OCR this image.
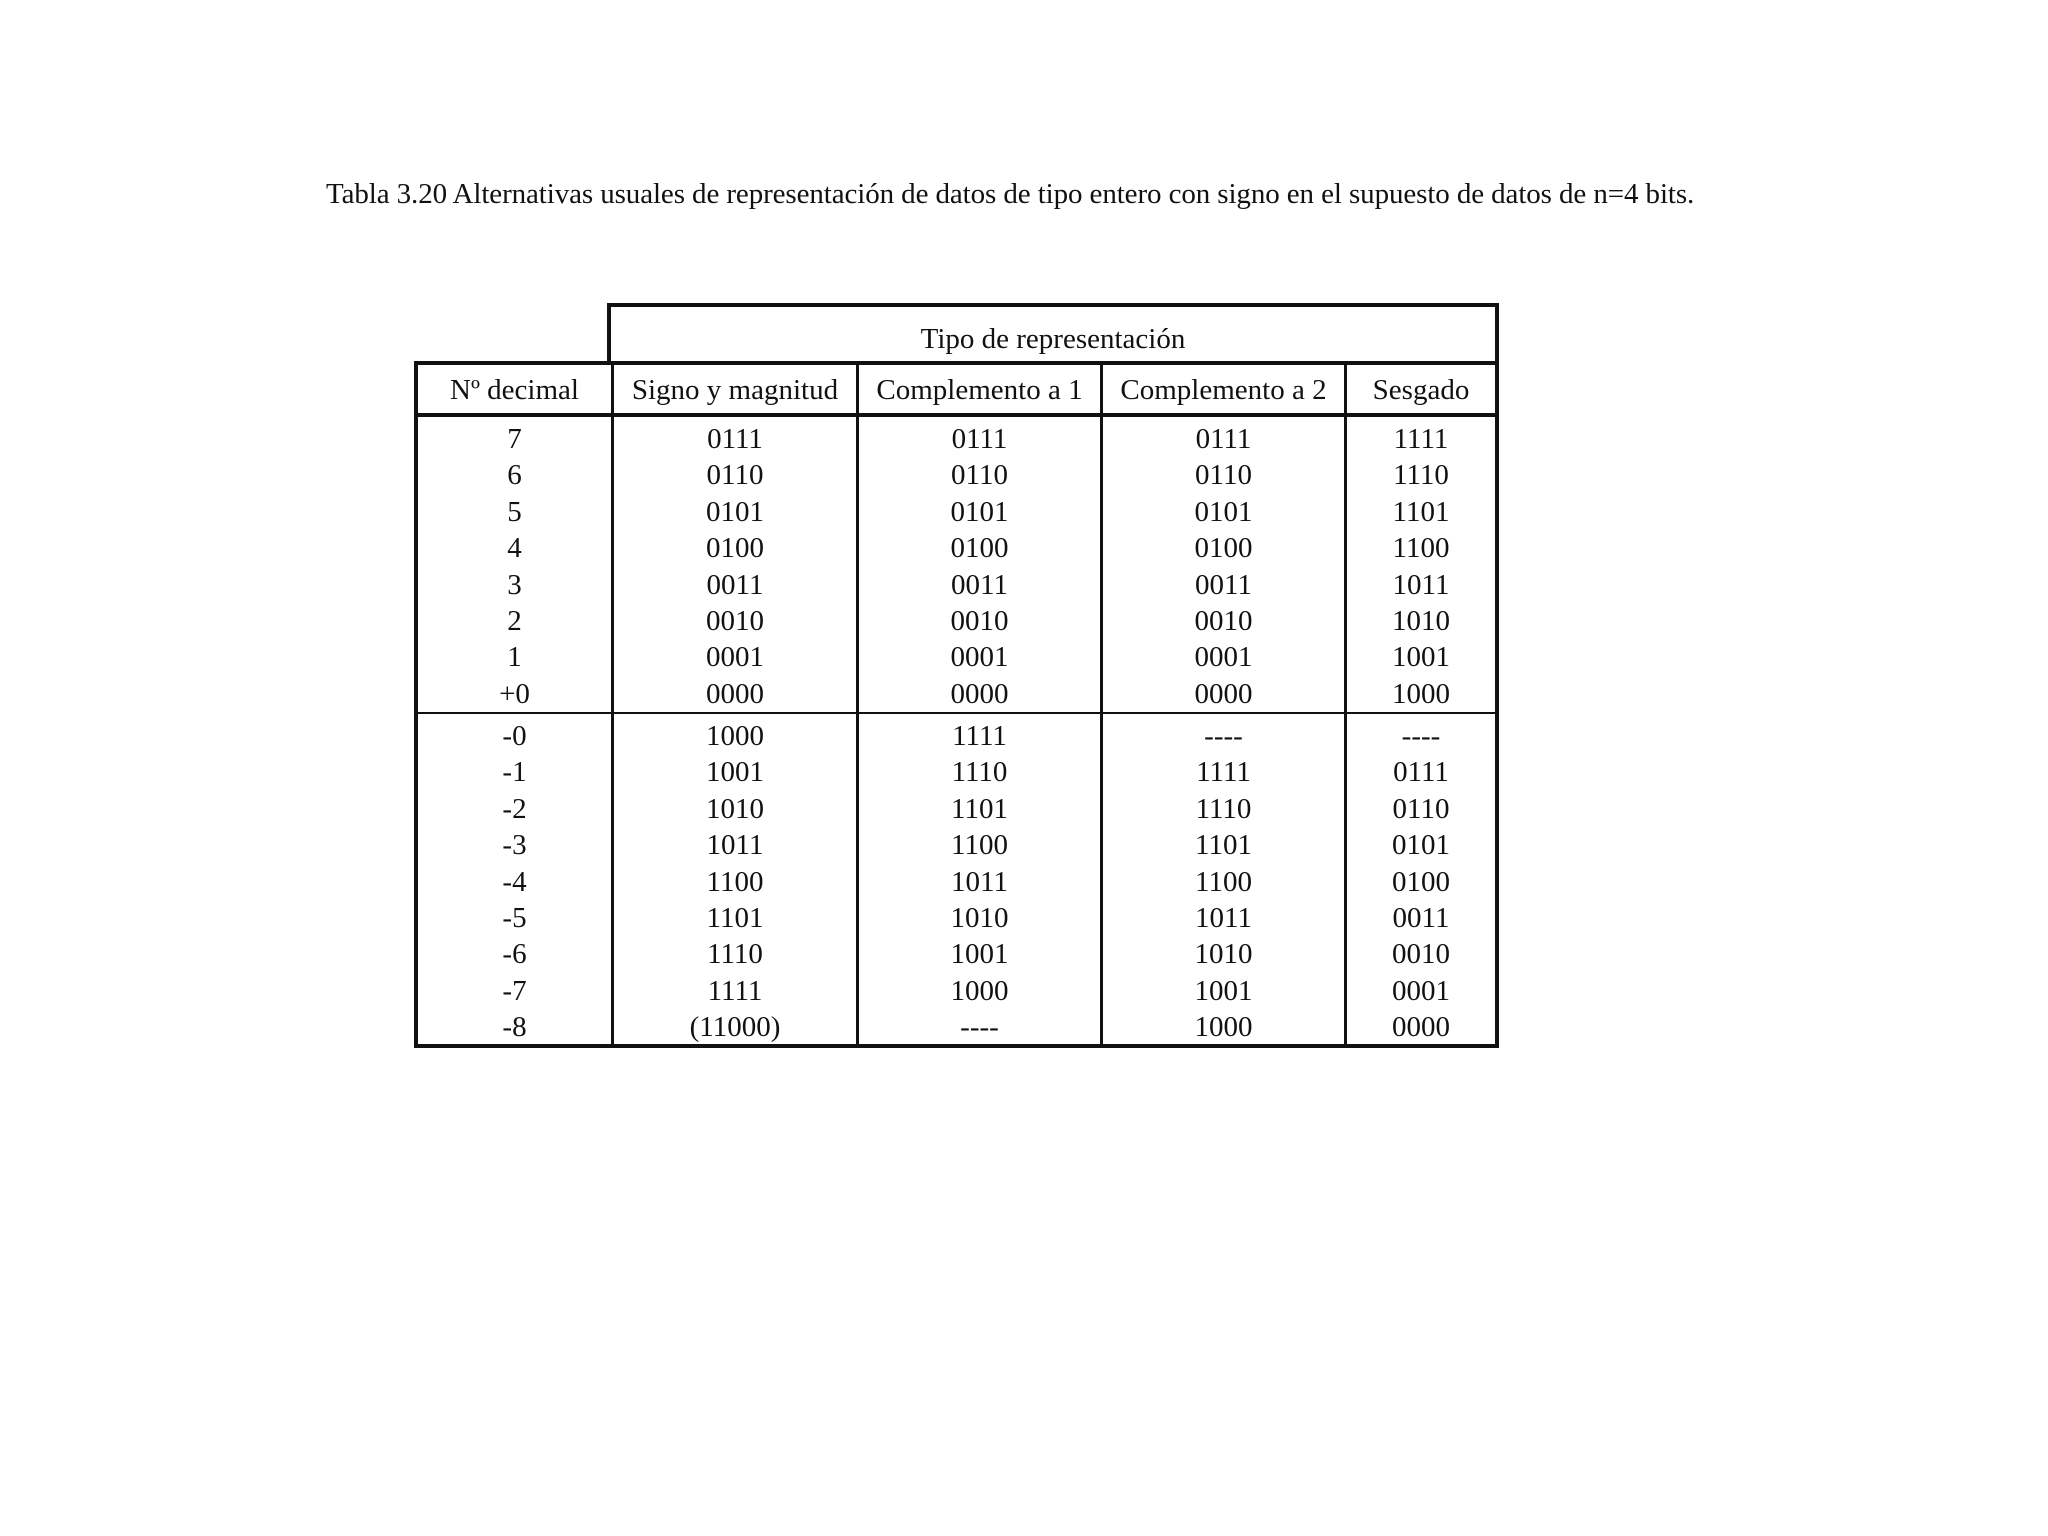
Tabla 3.20 Alternativas usuales de representación de datos de tipo entero con signo en el supuesto de datos de n=4 bits.
Tipo de representación
Nº decimal
7
6
5
4
3
2
1
+0
-0
-1
-2
-3
-4
-5
-6
-7
-8
Signo y magnitud
0111
0110
0101
0100
0011
0010
0001
0000
1000
1001
1010
1011
1100
1101
1110
1111
(11000)
Complemento a 1
0111
0110
0101
0100
0011
0010
0001
0000
1111
1110
1101
1100
1011
1010
1001
1000
----
Complemento a 2
0111
0110
0101
0100
0011
0010
0001
0000
----
1111
1110
1101
1100
1011
1010
1001
1000
Sesgado
1111
1110
1101
1100
1011
1010
1001
1000
----
0111
0110
0101
0100
0011
0010
0001
0000
